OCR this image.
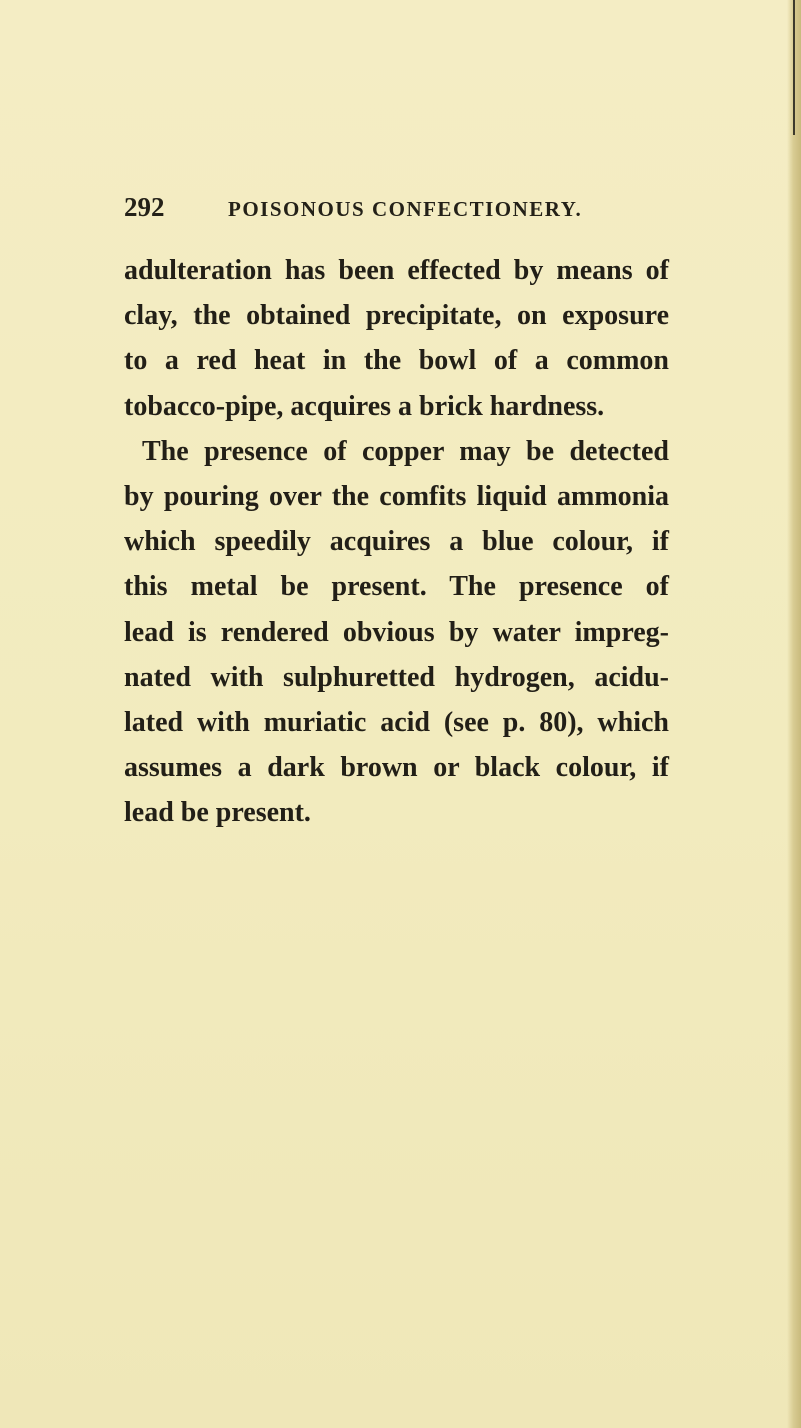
292	POISONOUS CONFECTIONERY.
adulteration has been effected by means of
clay, the obtained precipitate, on exposure
to a red heat in the bowl of a common
tobacco-pipe, acquires a brick hardness.
The presence of copper may be detected
by pouring over the comfits liquid ammonia
which speedily acquires a blue colour, if
this metal be present. The presence of
lead is rendered obvious by water impreg-
nated with sulphuretted hydrogen, acidu-
lated with muriatic acid (see p. 80), which
assumes a dark brown or black colour, if
lead be present.
